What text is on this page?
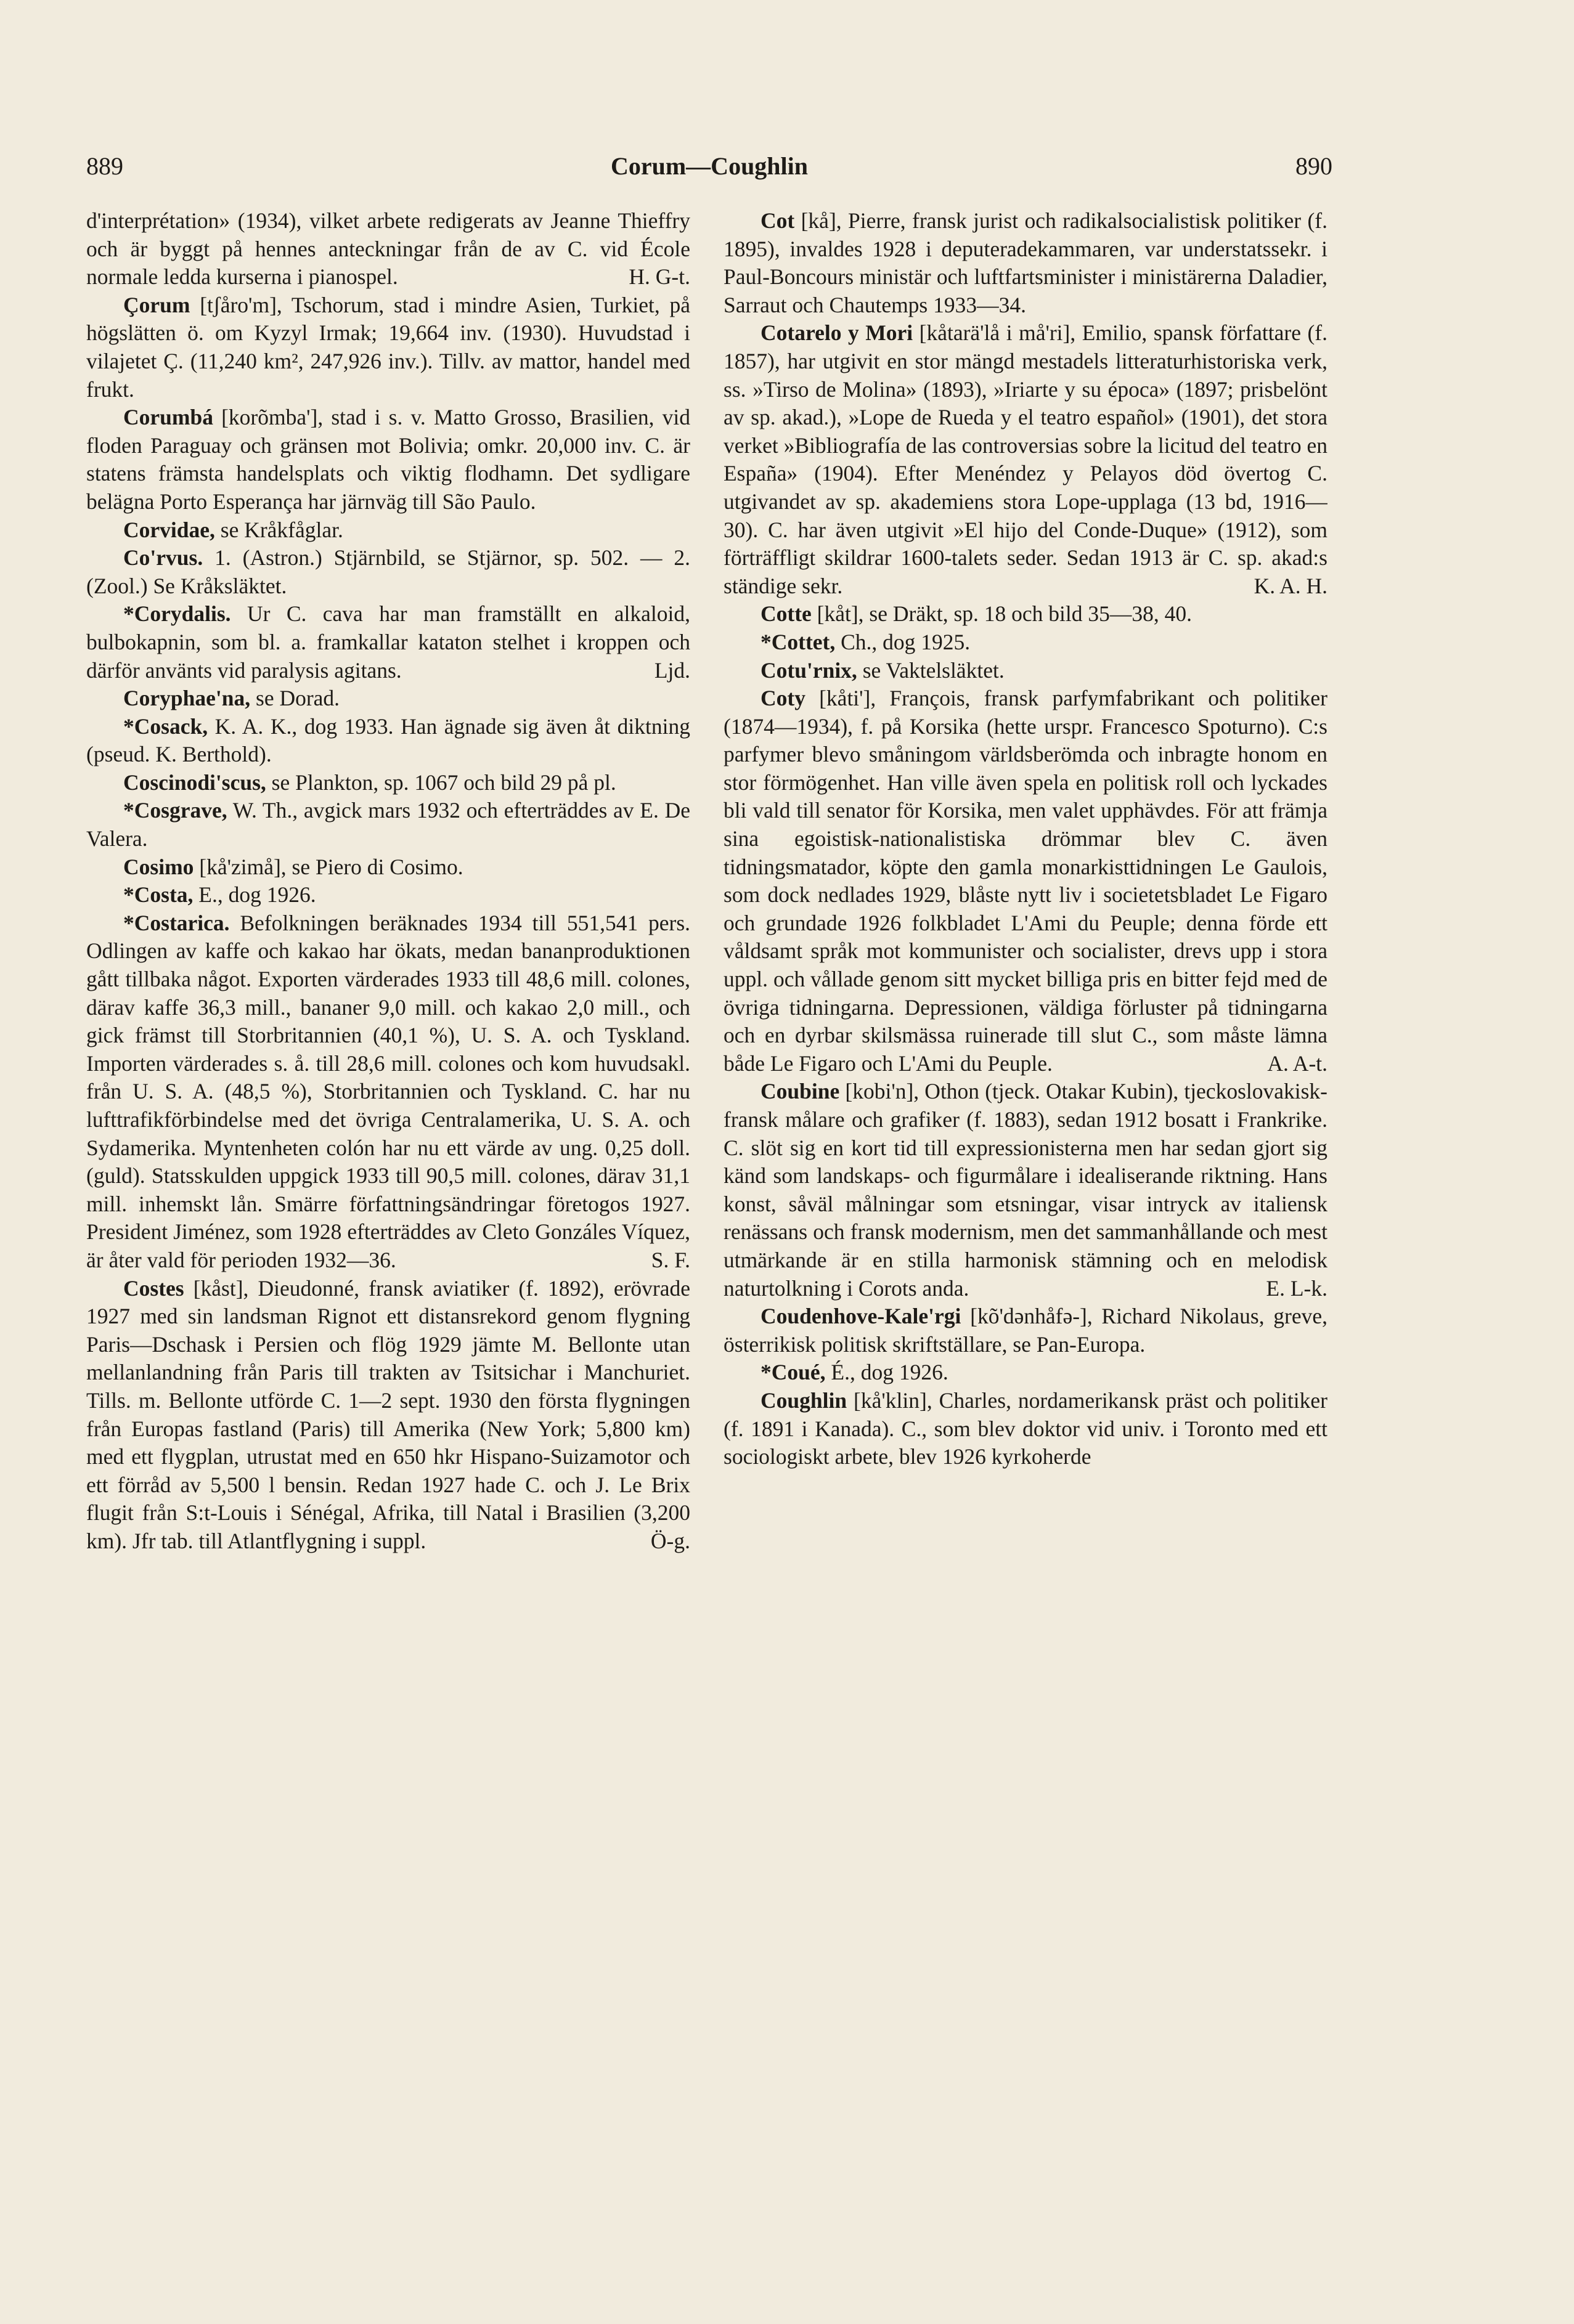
889	Corum—Coughlin	890

d'interprétation» (1934), vilket arbete redigerats av Jeanne Thieffry och är byggt på hennes anteckningar från de av C. vid École normale ledda kurserna i pianospel.	H. G-t.

Çorum [tʃåro'm], Tschorum, stad i mindre Asien, Turkiet, på högslätten ö. om Kyzyl Irmak; 19,664 inv. (1930). Huvudstad i vilajetet Ç. (11,240 km², 247,926 inv.). Tillv. av mattor, handel med frukt.

Corumbá [korõmba'], stad i s. v. Matto Grosso, Brasilien, vid floden Paraguay och gränsen mot Bolivia; omkr. 20,000 inv. C. är statens främsta handelsplats och viktig flodhamn. Det sydligare belägna Porto Esperança har järnväg till São Paulo.

Corvidae, se Kråkfåglar.

Co'rvus. 1. (Astron.) Stjärnbild, se Stjärnor, sp. 502. — 2. (Zool.) Se Kråksläktet.

*Corydalis. Ur C. cava har man framställt en alkaloid, bulbokapnin, som bl. a. framkallar kataton stelhet i kroppen och därför använts vid paralysis agitans.	Ljd.

Coryphae'na, se Dorad.

*Cosack, K. A. K., dog 1933. Han ägnade sig även åt diktning (pseud. K. Berthold).

Coscinodi'scus, se Plankton, sp. 1067 och bild 29 på pl.

*Cosgrave, W. Th., avgick mars 1932 och efterträddes av E. De Valera.

Cosimo [kå'zimå], se Piero di Cosimo.

*Costa, E., dog 1926.

*Costarica. Befolkningen beräknades 1934 till 551,541 pers. Odlingen av kaffe och kakao har ökats, medan bananproduktionen gått tillbaka något. Exporten värderades 1933 till 48,6 mill. colones, därav kaffe 36,3 mill., bananer 9,0 mill. och kakao 2,0 mill., och gick främst till Storbritannien (40,1 %), U. S. A. och Tyskland. Importen värderades s. å. till 28,6 mill. colones och kom huvudsakl. från U. S. A. (48,5 %), Storbritannien och Tyskland. C. har nu lufttrafikförbindelse med det övriga Centralamerika, U. S. A. och Sydamerika. Myntenheten colón har nu ett värde av ung. 0,25 doll. (guld). Statsskulden uppgick 1933 till 90,5 mill. colones, därav 31,1 mill. inhemskt lån. Smärre författningsändringar företogos 1927. President Jiménez, som 1928 efterträddes av Cleto Gonzáles Víquez, är åter vald för perioden 1932—36.	S. F.

Costes [kåst], Dieudonné, fransk aviatiker (f. 1892), erövrade 1927 med sin landsman Rignot ett distansrekord genom flygning Paris—Dschask i Persien och flög 1929 jämte M. Bellonte utan mellanlandning från Paris till trakten av Tsitsichar i Manchuriet. Tills. m. Bellonte utförde C. 1—2 sept. 1930 den första flygningen från Europas fastland (Paris) till Amerika (New York; 5,800 km) med ett flygplan, utrustat med en 650 hkr Hispano-Suizamotor och ett förråd av 5,500 l bensin. Redan 1927 hade C. och J. Le Brix flugit från S:t-Louis i Sénégal, Afrika, till Natal i Brasilien (3,200 km). Jfr tab. till Atlantflygning i suppl.	Ö-g.

Cot [kå], Pierre, fransk jurist och radikalsocialistisk politiker (f. 1895), invaldes 1928 i deputeradekammaren, var understatssekr. i Paul-Boncours ministär och luftfartsminister i ministärerna Daladier, Sarraut och Chautemps 1933—34.

Cotarelo y Mori [kåtarä'lå i må'ri], Emilio, spansk författare (f. 1857), har utgivit en stor mängd mestadels litteraturhistoriska verk, ss. »Tirso de Molina» (1893), »Iriarte y su época» (1897; prisbelönt av sp. akad.), »Lope de Rueda y el teatro español» (1901), det stora verket »Bibliografía de las controversias sobre la licitud del teatro en España» (1904). Efter Menéndez y Pelayos död övertog C. utgivandet av sp. akademiens stora Lope-upplaga (13 bd, 1916—30). C. har även utgivit »El hijo del Conde-Duque» (1912), som förträffligt skildrar 1600-talets seder. Sedan 1913 är C. sp. akad:s ständige sekr.	K. A. H.

Cotte [kåt], se Dräkt, sp. 18 och bild 35—38, 40.

*Cottet, Ch., dog 1925.

Cotu'rnix, se Vaktelsläktet.

Coty [kåti'], François, fransk parfymfabrikant och politiker (1874—1934), f. på Korsika (hette urspr. Francesco Spoturno). C:s parfymer blevo småningom världsberömda och inbragte honom en stor förmögenhet. Han ville även spela en politisk roll och lyckades bli vald till senator för Korsika, men valet upphävdes. För att främja sina egoistisk-nationalistiska drömmar blev C. även tidningsmatador, köpte den gamla monarkisttidningen Le Gaulois, som dock nedlades 1929, blåste nytt liv i societetsbladet Le Figaro och grundade 1926 folkbladet L'Ami du Peuple; denna förde ett våldsamt språk mot kommunister och socialister, drevs upp i stora uppl. och vållade genom sitt mycket billiga pris en bitter fejd med de övriga tidningarna. Depressionen, väldiga förluster på tidningarna och en dyrbar skilsmässa ruinerade till slut C., som måste lämna både Le Figaro och L'Ami du Peuple.	A. A-t.

Coubine [kobi'n], Othon (tjeck. Otakar Kubin), tjeckoslovakisk-fransk målare och grafiker (f. 1883), sedan 1912 bosatt i Frankrike. C. slöt sig en kort tid till expressionisterna men har sedan gjort sig känd som landskaps- och figurmålare i idealiserande riktning. Hans konst, såväl målningar som etsningar, visar intryck av italiensk renässans och fransk modernism, men det sammanhållande och mest utmärkande är en stilla harmonisk stämning och en melodisk naturtolkning i Corots anda.	E. L-k.

Coudenhove-Kale'rgi [kõ'dənhåfə-], Richard Nikolaus, greve, österrikisk politisk skriftställare, se Pan-Europa.

*Coué, É., dog 1926.

Coughlin [kå'klin], Charles, nordamerikansk präst och politiker (f. 1891 i Kanada). C., som blev doktor vid univ. i Toronto med ett sociologiskt arbete, blev 1926 kyrkoherde
